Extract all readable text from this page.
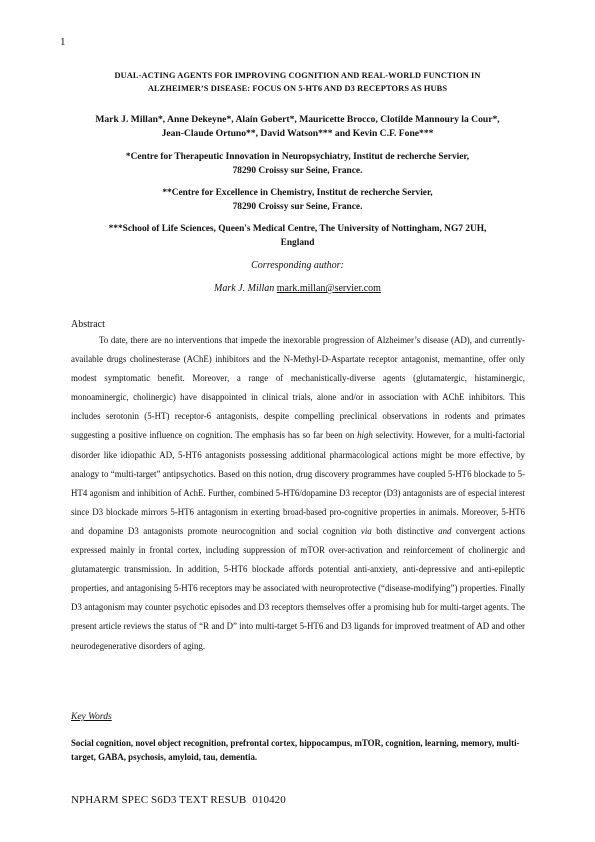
1
DUAL-ACTING AGENTS FOR IMPROVING COGNITION AND REAL-WORLD FUNCTION IN
ALZHEIMER’S DISEASE: FOCUS ON 5-HT6 AND D3 RECEPTORS AS HUBS
Mark J. Millan*, Anne Dekeyne*, Alain Gobert*, Mauricette Brocco, Clotilde Mannoury la Cour*,
Jean-Claude Ortuno**, David Watson*** and Kevin C.F. Fone***
*Centre for Therapeutic Innovation in Neuropsychiatry, Institut de recherche Servier,
78290 Croissy sur Seine, France.
**Centre for Excellence in Chemistry, Institut de recherche Servier,
78290 Croissy sur Seine, France.
***School of Life Sciences, Queen's Medical Centre, The University of Nottingham, NG7 2UH,
England
Corresponding author:
Mark J. Millan mark.millan@servier.com
Abstract

To date, there are no interventions that impede the inexorable progression of Alzheimer’s disease (AD), and currently-available drugs cholinesterase (AChE) inhibitors and the N-Methyl-D-Aspartate receptor antagonist, memantine, offer only modest symptomatic benefit. Moreover, a range of mechanistically-diverse agents (glutamatergic, histaminergic, monoaminergic, cholinergic) have disappointed in clinical trials, alone and/or in association with AChE inhibitors. This includes serotonin (5-HT) receptor-6 antagonists, despite compelling preclinical observations in rodents and primates suggesting a positive influence on cognition. The emphasis has so far been on high selectivity. However, for a multi-factorial disorder like idiopathic AD, 5-HT6 antagonists possessing additional pharmacological actions might be more effective, by analogy to “multi-target” antipsychotics. Based on this notion, drug discovery programmes have coupled 5-HT6 blockade to 5-HT4 agonism and inhibition of AchE. Further, combined 5-HT6/dopamine D3 receptor (D3) antagonists are of especial interest since D3 blockade mirrors 5-HT6 antagonism in exerting broad-based pro-cognitive properties in animals. Moreover, 5-HT6 and dopamine D3 antagonists promote neurocognition and social cognition via both distinctive and convergent actions expressed mainly in frontal cortex, including suppression of mTOR over-activation and reinforcement of cholinergic and glutamatergic transmission. In addition, 5-HT6 blockade affords potential anti-anxiety, anti-depressive and anti-epileptic properties, and antagonising 5-HT6 receptors may be associated with neuroprotective (“disease-modifying”) properties. Finally D3 antagonism may counter psychotic episodes and D3 receptors themselves offer a promising hub for multi-target agents. The present article reviews the status of “R and D” into multi-target 5-HT6 and D3 ligands for improved treatment of AD and other neurodegenerative disorders of aging.

Key Words

Social cognition, novel object recognition, prefrontal cortex, hippocampus, mTOR, cognition, learning, memory, multi-target, GABA, psychosis, amyloid, tau, dementia.

NPHARM SPEC S6D3 TEXT RESUB 010420
